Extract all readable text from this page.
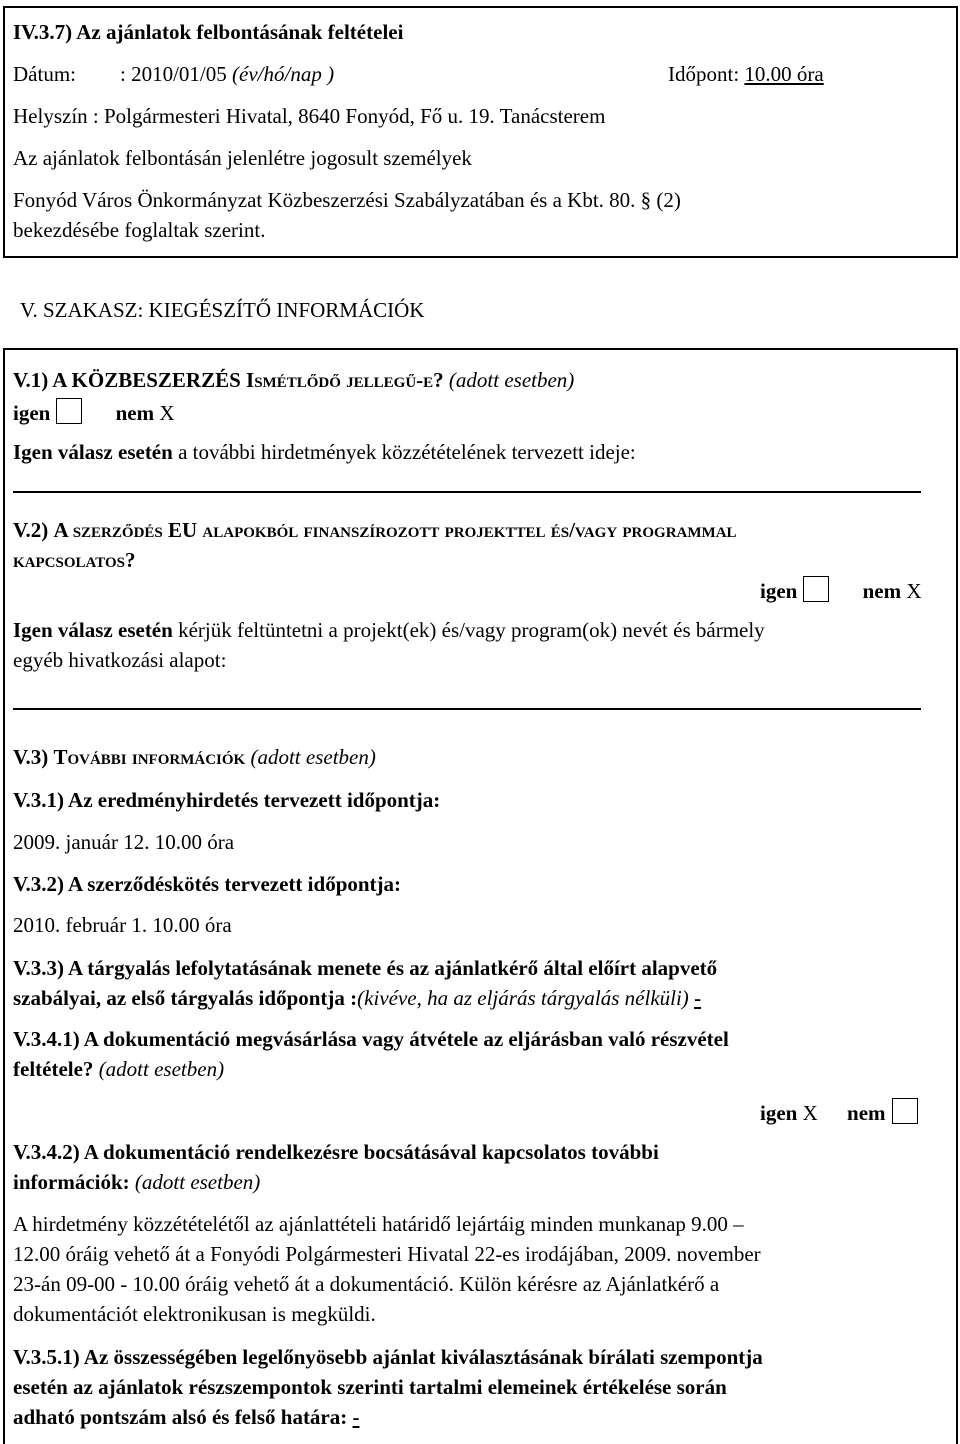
IV.3.7) Az ajánlatok felbontásának feltételei
Dátum: : 2010/01/05 (év/hó/nap )	Időpont: 10.00 óra
Helyszín : Polgármesteri Hivatal, 8640 Fonyód, Fő u. 19. Tanácsterem
Az ajánlatok felbontásán jelenlétre jogosult személyek
Fonyód Város Önkormányzat Közbeszerzési Szabályzatában és a Kbt. 80. § (2)
bekezdésébe foglaltak szerint.
V. SZAKASZ: KIEGÉSZÍTŐ INFORMÁCIÓK
V.1) A KÖZBESZERZÉS Ismétlődő jellegű-e? (adott esetben)
igen	nem X
Igen válasz esetén a további hirdetmények közzétételének tervezett ideje:
V.2) A szerződés EU alapokból finanszírozott projekttel és/vagy programmal
kapcsolatos?
igen	nem X
Igen válasz esetén kérjük feltüntetni a projekt(ek) és/vagy program(ok) nevét és bármely
egyéb hivatkozási alapot:
V.3) További információk (adott esetben)
V.3.1) Az eredményhirdetés tervezett időpontja:
2009. január 12. 10.00 óra
V.3.2) A szerződéskötés tervezett időpontja:
2010. február 1. 10.00 óra
V.3.3) A tárgyalás lefolytatásának menete és az ajánlatkérő által előírt alapvető
szabályai, az első tárgyalás időpontja :(kivéve, ha az eljárás tárgyalás nélküli) -
V.3.4.1) A dokumentáció megvásárlása vagy átvétele az eljárásban való részvétel
feltétele? (adott esetben)
igen X nem
V.3.4.2) A dokumentáció rendelkezésre bocsátásával kapcsolatos további
információk: (adott esetben)
A hirdetmény közzétételétől az ajánlattételi határidő lejártáig minden munkanap 9.00 –
12.00 óráig vehető át a Fonyódi Polgármesteri Hivatal 22-es irodájában, 2009. november
23-án 09-00 - 10.00 óráig vehető át a dokumentáció. Külön kérésre az Ajánlatkérő a
dokumentációt elektronikusan is megküldi.
V.3.5.1) Az összességében legelőnyösebb ajánlat kiválasztásának bírálati szempontja
esetén az ajánlatok részszempontok szerinti tartalmi elemeinek értékelése során
adható pontszám alsó és felső határa: -
